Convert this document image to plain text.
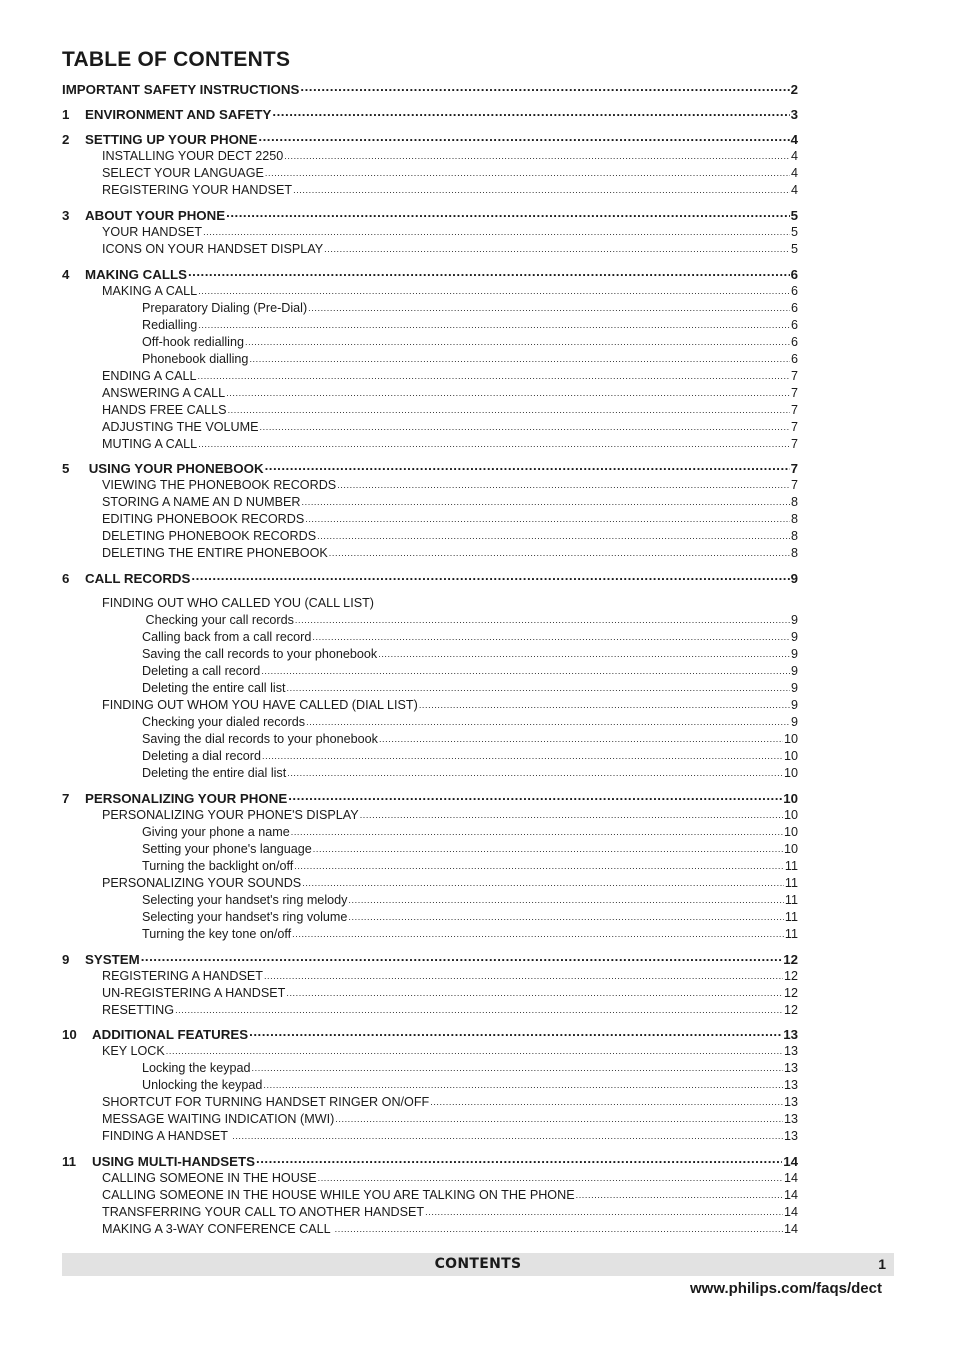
TABLE OF CONTENTS
IMPORTANT SAFETY INSTRUCTIONS .....	2
1	ENVIRONMENT AND SAFETY .....	3
2	SETTING UP YOUR PHONE .....	4
INSTALLING YOUR DECT 2250 .....	4
SELECT YOUR LANGUAGE .....	4
REGISTERING YOUR HANDSET .....	4
3	ABOUT YOUR PHONE .....	5
YOUR HANDSET .....	5
ICONS ON YOUR HANDSET DISPLAY .....	5
4	MAKING CALLS .....	6
MAKING A CALL .....	6
Preparatory Dialing (Pre-Dial) .....	6
Redialling .....	6
Off-hook redialling .....	6
Phonebook dialling .....	6
ENDING A CALL .....	7
ANSWERING A CALL .....	7
HANDS FREE CALLS .....	7
ADJUSTING THE VOLUME .....	7
MUTING A CALL .....	7
5	USING YOUR PHONEBOOK .....	7
VIEWING THE PHONEBOOK RECORDS .....	7
STORING A NAME AN D NUMBER .....	8
EDITING PHONEBOOK RECORDS .....	8
DELETING PHONEBOOK RECORDS .....	8
DELETING THE ENTIRE PHONEBOOK .....	8
6	CALL RECORDS .....	9
FINDING OUT WHO CALLED YOU (CALL LIST)
Checking your call records .....	9
Calling back from a call record .....	9
Saving the call records to your phonebook .....	9
Deleting a call record .....	9
Deleting the entire call list .....	9
FINDING OUT WHOM YOU HAVE CALLED (DIAL LIST) .....	9
Checking your dialed records .....	9
Saving the dial records to your phonebook .....	10
Deleting a dial record .....	10
Deleting the entire dial list .....	10
7	PERSONALIZING YOUR PHONE .....	10
PERSONALIZING YOUR PHONE'S DISPLAY .....	10
Giving your phone a name .....	10
Setting your phone's language .....	10
Turning the backlight on/off .....	11
PERSONALIZING YOUR SOUNDS .....	11
Selecting your handset's ring melody .....	11
Selecting your handset's ring volume .....	11
Turning the key tone on/off .....	11
9	SYSTEM .....	12
REGISTERING A HANDSET .....	12
UN-REGISTERING A HANDSET .....	12
RESETTING .....	12
10	ADDITIONAL FEATURES .....	13
KEY LOCK .....	13
Locking the keypad .....	13
Unlocking the keypad .....	13
SHORTCUT FOR TURNING HANDSET RINGER ON/OFF .....	13
MESSAGE WAITING INDICATION (MWI) .....	13
FINDING A HANDSET .....	13
11	USING MULTI-HANDSETS .....	14
CALLING SOMEONE IN THE HOUSE .....	14
CALLING SOMEONE IN THE HOUSE WHILE YOU ARE TALKING ON THE PHONE .....	14
TRANSFERRING YOUR CALL TO ANOTHER HANDSET .....	14
MAKING A 3-WAY CONFERENCE CALL .....	14
CONTENTS	1
www.philips.com/faqs/dect
